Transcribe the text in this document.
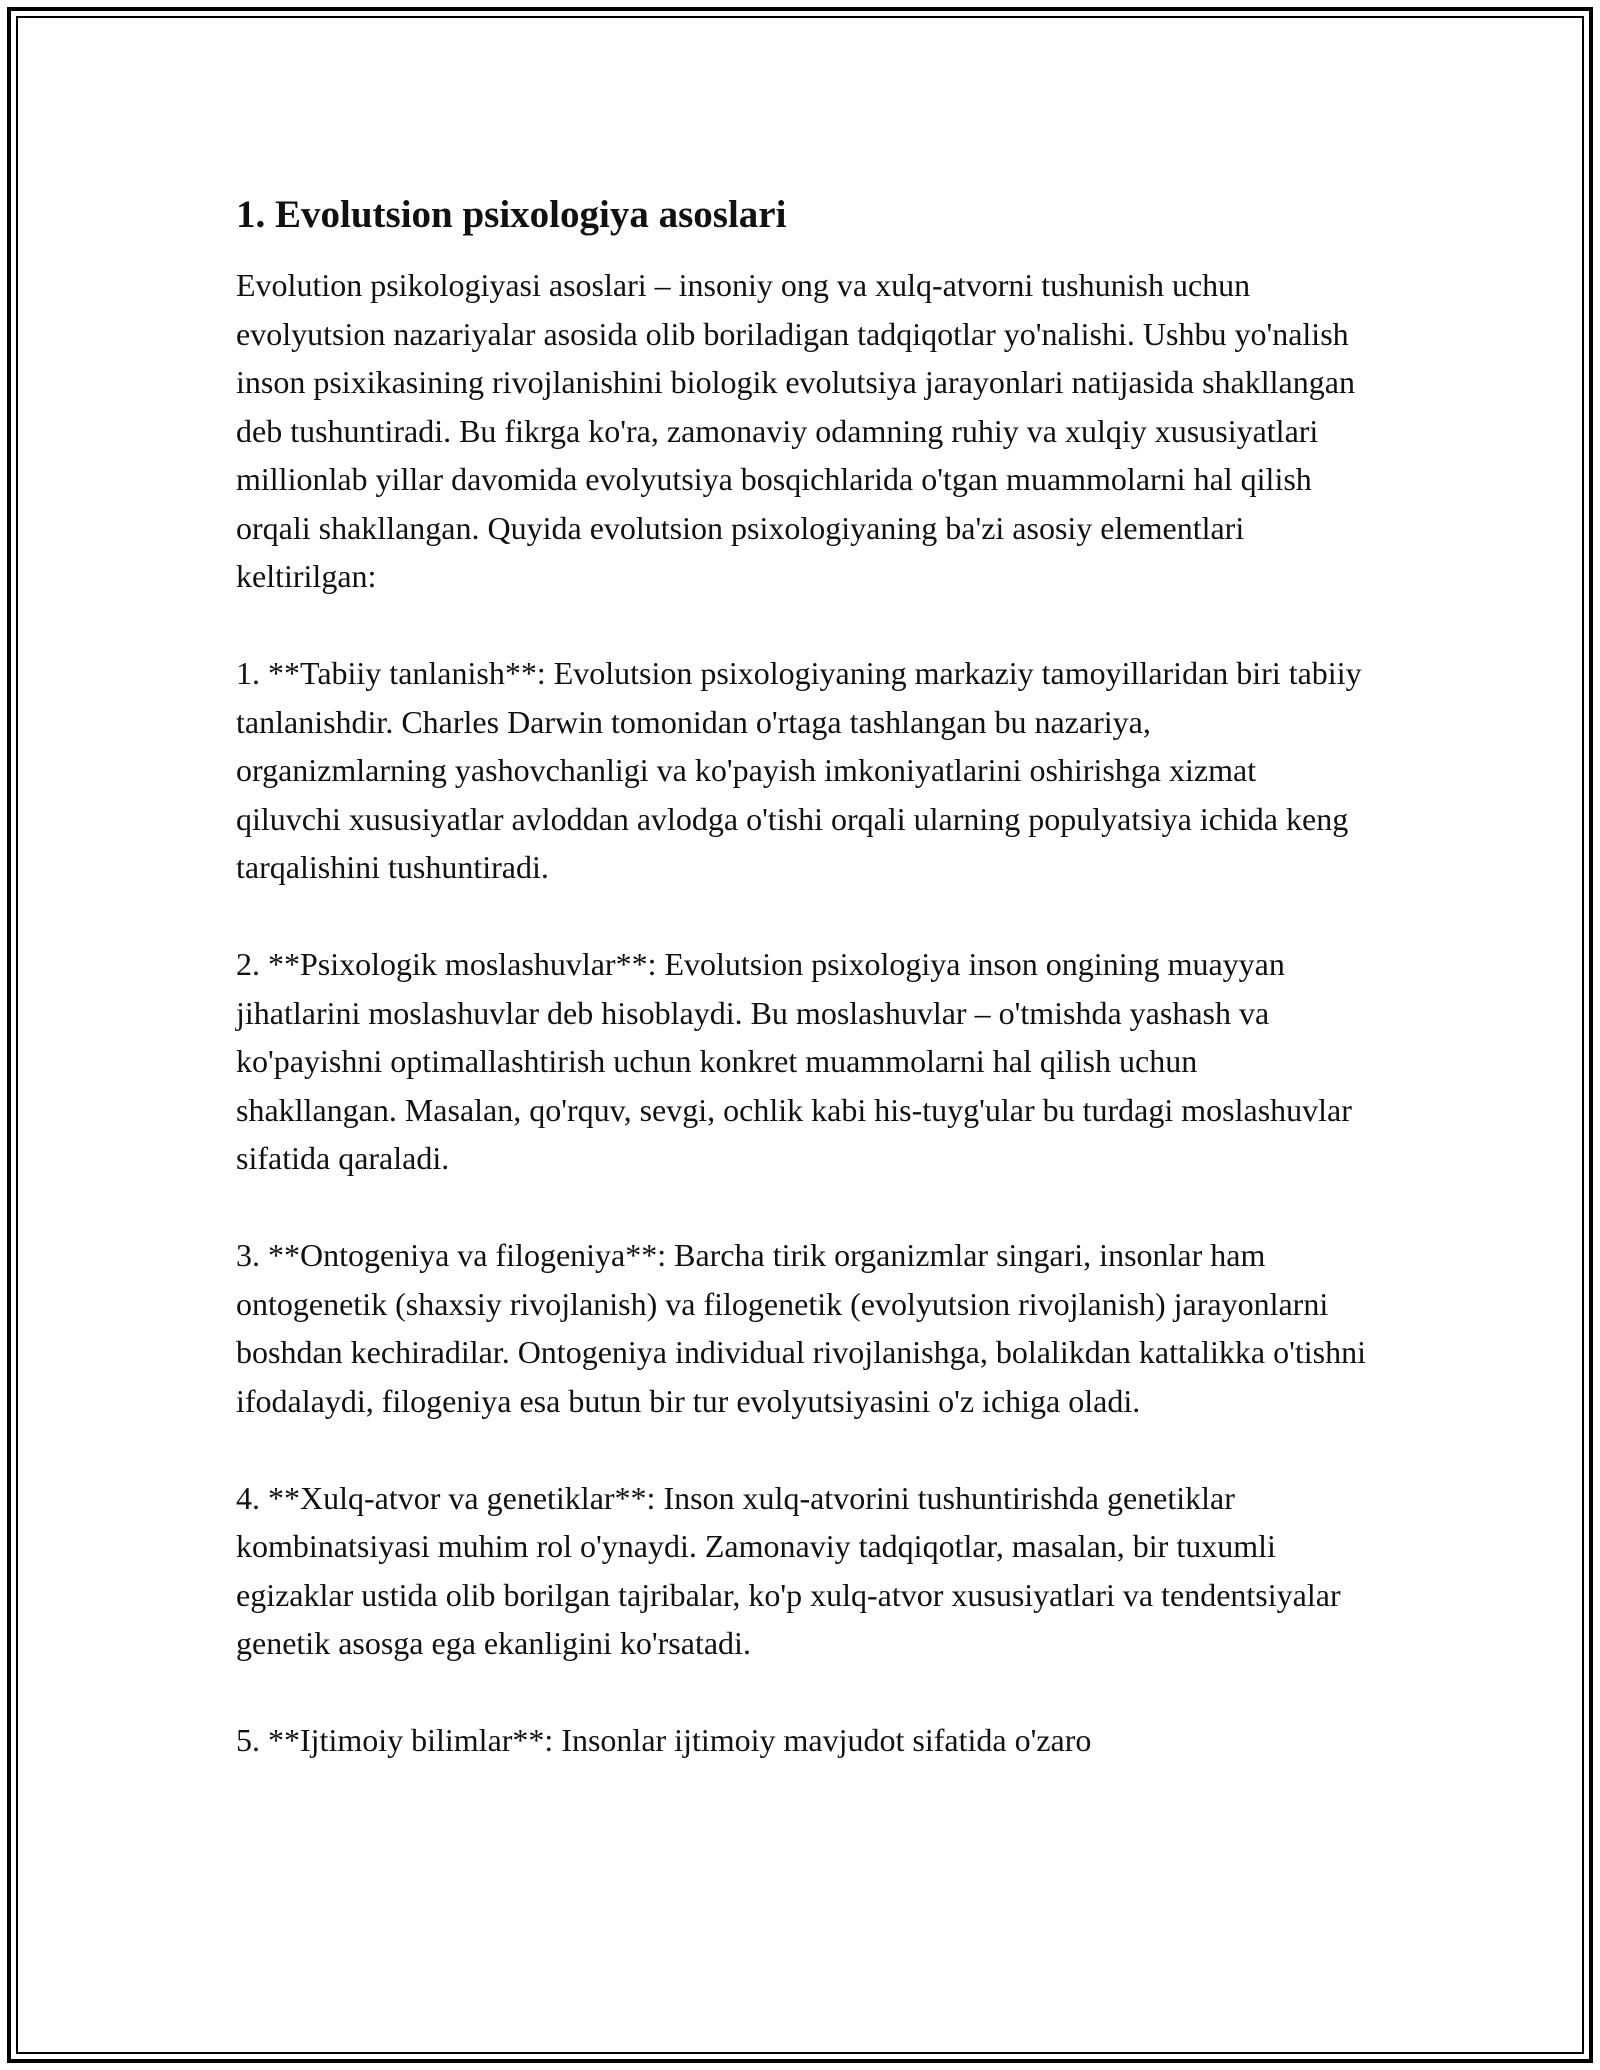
1. Evolutsion psixologiya asoslari

Evolution psikologiyasi asoslari – insoniy ong va xulq-atvorni tushunish uchun evolyutsion nazariyalar asosida olib boriladigan tadqiqotlar yo'nalishi. Ushbu yo'nalish inson psixikasining rivojlanishini biologik evolutsiya jarayonlari natijasida shakllangan deb tushuntiradi. Bu fikrga ko'ra, zamonaviy odamning ruhiy va xulqiy xususiyatlari millionlab yillar davomida evolyutsiya bosqichlarida o'tgan muammolarni hal qilish orqali shakllangan. Quyida evolutsion psixologiyaning ba'zi asosiy elementlari keltirilgan:

1. **Tabiiy tanlanish**: Evolutsion psixologiyaning markaziy tamoyillaridan biri tabiiy tanlanishdir. Charles Darwin tomonidan o'rtaga tashlangan bu nazariya, organizmlarning yashovchanligi va ko'payish imkoniyatlarini oshirishga xizmat qiluvchi xususiyatlar avloddan avlodga o'tishi orqali ularning populyatsiya ichida keng tarqalishini tushuntiradi.

2. **Psixologik moslashuvlar**: Evolutsion psixologiya inson ongining muayyan jihatlarini moslashuvlar deb hisoblaydi. Bu moslashuvlar – o'tmishda yashash va ko'payishni optimallashtirish uchun konkret muammolarni hal qilish uchun shakllangan. Masalan, qo'rquv, sevgi, ochlik kabi his-tuyg'ular bu turdagi moslashuvlar sifatida qaraladi.

3. **Ontogeniya va filogeniya**: Barcha tirik organizmlar singari, insonlar ham ontogenetik (shaxsiy rivojlanish) va filogenetik (evolyutsion rivojlanish) jarayonlarni boshdan kechiradilar. Ontogeniya individual rivojlanishga, bolalikdan kattalikka o'tishni ifodalaydi, filogeniya esa butun bir tur evolyutsiyasini o'z ichiga oladi.

4. **Xulq-atvor va genetiklar**: Inson xulq-atvorini tushuntirishda genetiklar kombinatsiyasi muhim rol o'ynaydi. Zamonaviy tadqiqotlar, masalan, bir tuxumli egizaklar ustida olib borilgan tajribalar, ko'p xulq-atvor xususiyatlari va tendentsiyalar genetik asosga ega ekanligini ko'rsatadi.

5. **Ijtimoiy bilimlar**: Insonlar ijtimoiy mavjudot sifatida o'zaro
